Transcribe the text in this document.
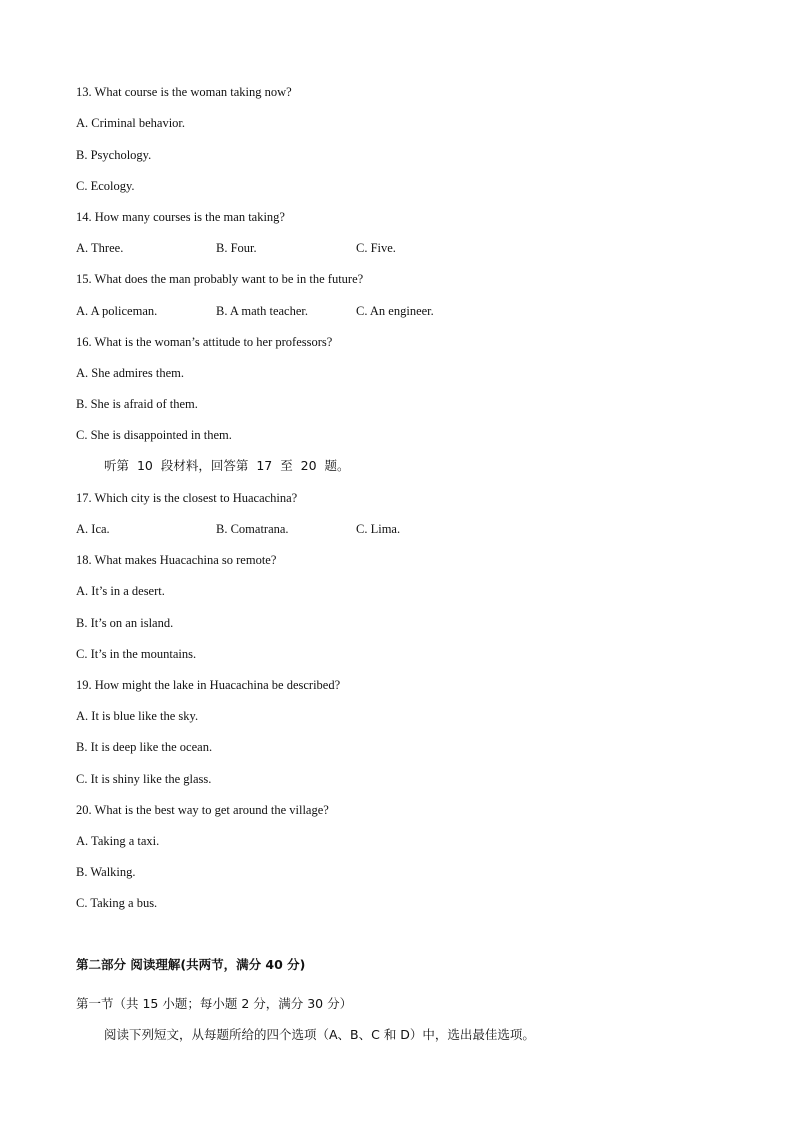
13. What course is the woman taking now?
A. Criminal behavior.
B. Psychology.
C. Ecology.
14. How many courses is the man taking?
A. Three.	B. Four.	C. Five.
15. What does the man probably want to be in the future?
A. A policeman.	B. A math teacher.	C. An engineer.
16. What is the woman’s attitude to her professors?
A. She admires them.
B. She is afraid of them.
C. She is disappointed in them.
听第 10 段材料，回答第 17 至 20 题。
17. Which city is the closest to Huacachina?
A. Ica.	B. Comatrana.	C. Lima.
18. What makes Huacachina so remote?
A. It’s in a desert.
B. It’s on an island.
C. It’s in the mountains.
19. How might the lake in Huacachina be described?
A. It is blue like the sky.
B. It is deep like the ocean.
C. It is shiny like the glass.
20. What is the best way to get around the village?
A. Taking a taxi.
B. Walking.
C. Taking a bus.
第二部分 阅读理解(共两节，满分 40 分)
第一节（共 15 小题；每小题 2 分，满分 30 分）
阅读下列短文，从每题所给的四个选项（A、B、C 和 D）中，选出最佳选项。
